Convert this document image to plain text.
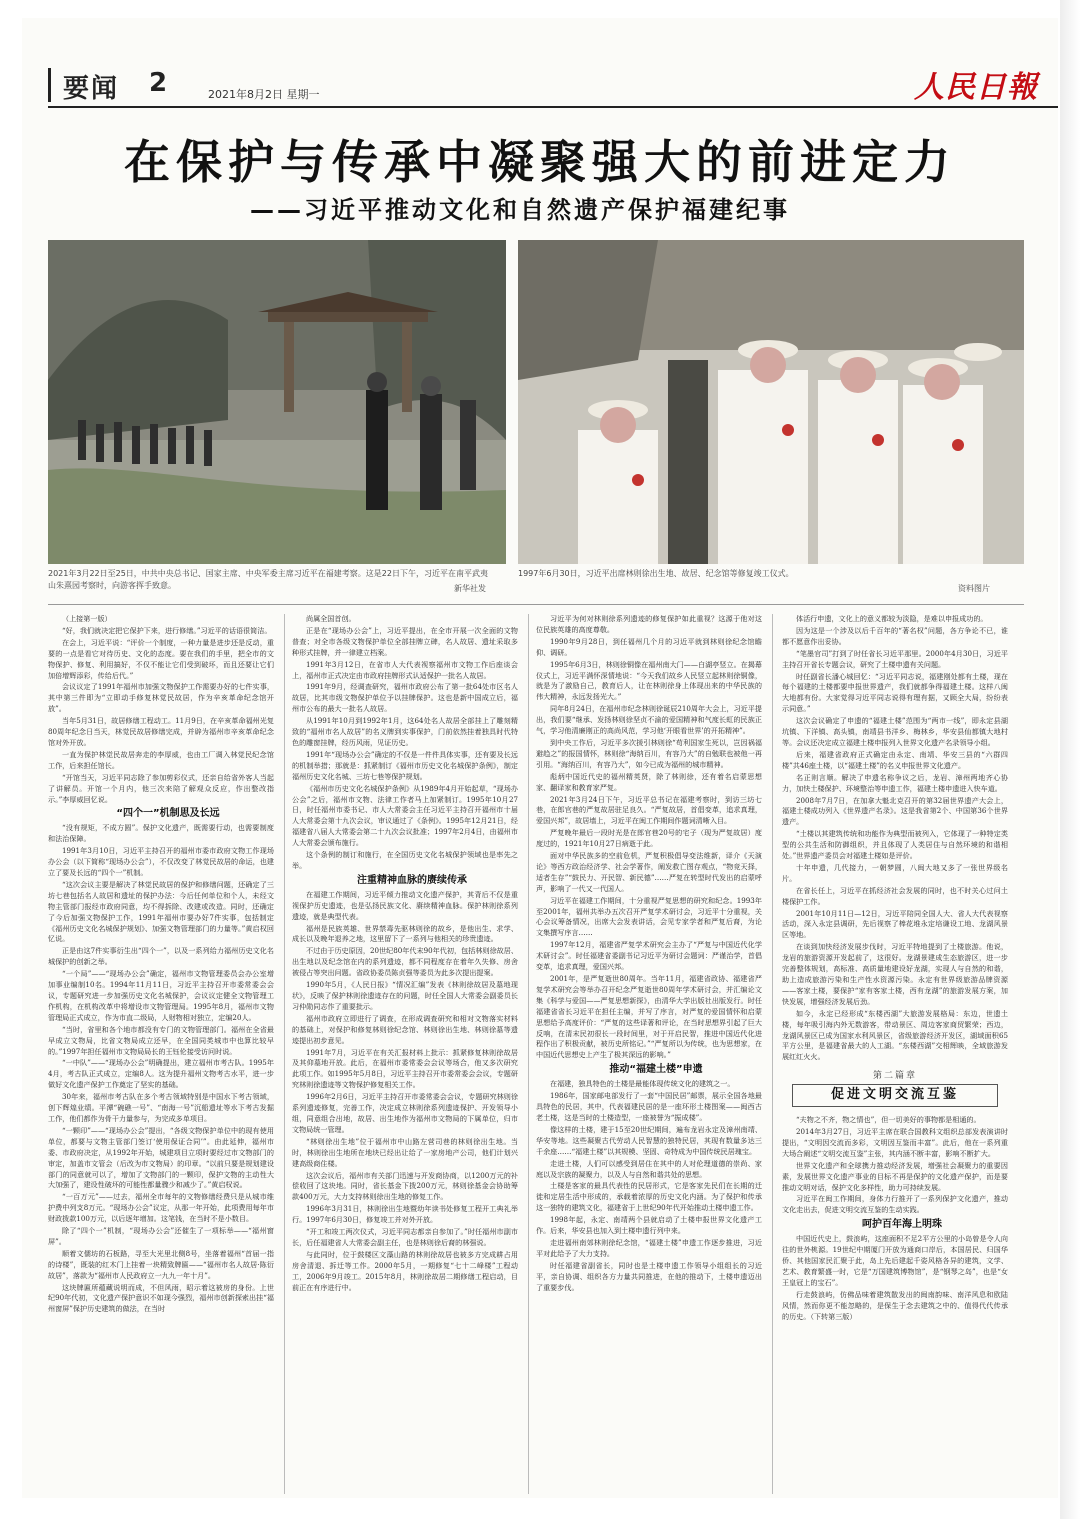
要闻 2	2021年8月2日 星期一	人民日報
在保护与传承中凝聚强大的前进定力
——习近平推动文化和自然遗产保护福建纪事
2021年3月22日至25日，中共中央总书记、国家主席、中央军委主席习近平在福建考察。这是22日下午，习近平在南平武夷山朱熹园考察时，向游客挥手致意。	新华社发
1997年6月30日，习近平出席林则徐出生地、故居、纪念馆等修复竣工仪式。
资料图片

（上接第一版）

“好，我们就决定把它保护下来，进行修缮。”习近平的话语很简洁。

在会上，习近平说：“评价一个制度，一种力量是进步还是反动，重要的一点是看它对待历史、文化的态度。要在我们的手里，把全市的文物保护、修复、利用搞好，不仅不能让它们受到破坏，而且还要让它们加倍增辉添彩，传给后代。”

会议议定了1991年福州市加强文物保护工作需要办好的七件实事，其中第三件即为“立即动手修复林觉民故居，作为辛亥革命纪念馆开放”。

当年5月31日，故居修缮工程动工。11月9日，在辛亥革命福州光复80周年纪念日当天，林觉民故居修缮完成，并辟为福州市辛亥革命纪念馆对外开放。

一直为保护林觉民故居奔走的李厚威，也由工厂调入林觉民纪念馆工作，后来担任馆长。

“开馆当天，习近平同志除了参加剪彩仪式，还亲自给省外客人当起了讲解员。开馆一个月内，他三次来陪了解观众反应，作出整改指示。”李厚威回忆说。

“四个一”机制思及长远

“没有规矩，不成方圆”。保护文化遗产，既需要行动，也需要制度和法治保障。

1991年3月10日，习近平主持召开的福州市委市政府文物工作现场办公会（以下简称“现场办公会”），不仅改变了林觉民故居的命运，也建立了要及长远的“四个一”机制。

“这次会议主要是解决了林觉民故居的保护和修缮问题，还确定了三坊七巷包括名人故居和遗址的保护办法：今后任何单位和个人，未经文物主管部门报经市政府同意，均不得拆除、改建或改造。同时，还确定了今后加强文物保护工作，1991年福州市要办好7件实事，包括制定《福州历史文化名城保护规划》、加强文物管理部门的力量等。”黄启权回忆说。

正是由这7件实事衍生出“四个一”，以及一系列给力福州历史文化名城保护的创新之举。

“一个局”——“现场办公会”确定，福州市文物管理委员会办公室增加事业编制10名。1994年11月11日，习近平主持召开市委常委会会议，专题研究进一步加强历史文化名城保护，会议议定健全文物管理工作机构，在机构改革中将增设市文物管理局。1995年8月，福州市文物管理局正式成立，作为市直二级局，人财物相对独立，定编20人。

“当时，省里和各个地市都没有专门的文物管理部门。福州在全省最早成立文物局，比省文物局成立还早，在全国同类城市中也算比较早的。”1997年担任福州市文物局局长的王钰伦接受访问时说。

“一中队”——“现场办公会”明确提出，建立福州市考古队。1995年4月，考古队正式成立，定编8人。这为提升福州文物考古水平，进一步做好文化遗产保护工作奠定了坚实的基础。

30年来，福州市考古队在多个考古领域特别是中国水下考古领域，创下辉煌业绩。平潭“碗礁一号”、“南海一号”沉船遗址等水下考古发掘工作，他们都作为骨干力量参与，为完成多单项目。

“一颗印”——“现场办公会”提出，“各级文物保护单位中的现有使用单位，都要与文物主管部门签订‘使用保证合同’”。由此延伸，福州市委、市政府决定，从1992年开始，城建项目立项时要经过市文物部门的审定，加盖市文管会（后改为市文物局）的印章。“以前只要是规划建设部门的同意就可以了，增加了文物部门的一颗印，保护文物的主动性大大加强了，建设性破坏的可能性都量骤少和减少了。”黄启权说。

“一百万元”——过去，福州全市每年的文物修缮经费只是从城市维护费中列支8万元。“现场办公会”议定，从那一年开始，此项费用每年市财政拨款100万元，以后逐年增加。这笔钱，在当时不是小数目。

除了“四个一”机制，“现场办公会”还催生了一项标举——“福州窗屏”。

顺着文儒坊的石板路，寻至大光里北侧8号，坐落着福州“首届一指的诗楼”，既装的红木门上挂着一块精致牌匾——“福州市名人故居·陈衍故居”，落款为“福州市人民政府立一九九一年十月”。

这块牌匾所蕴藏说明而成，不但风雨，昭示着这被房的身份。上世纪90年代初，文化遗产保护意识不如现今强烈，福州市创新探索出挂“福州窗屏”保护历史建筑的做法，在当时

尚属全国首创。

正是在“现场办公会”上，习近平提出，在全市开展一次全面的文物普查；对全市各级文物保护单位全部挂牌立碑，名人故居、遗址采取多种形式挂牌，并一律建立档案。

1991年3月12日，在省市人大代表视察福州市文物工作后座谈会上，福州市正式决定由市政府挂牌形式认适保护一批名人故居。

1991年9月，经调查研究，福州市政府公布了第一批64处市区名人故居，比其市级文物保护单位予以挂牌保护。这也是新中国成立后，福州市公布的最大一批名人故居。

从1991年10月到1992年1月，这64处名人故居全部挂上了雕刻精致的“福州市名人故居”的名义牌到实事保护，门前依然挂着独具时代特色的雕窗挂牌，经历风雨，见证历史。

1991年“现场办公会”确定的不仅是一件件具体实事，还有要及长远的机制举措；那就是：抓紧制订《福州市历史文化名城保护条例》，制定福州历史文化名城、三坊七巷等保护规划。

《福州市历史文化名城保护条例》从1989年4月开始起草，“现场办公会”之后，福州市文物、法律工作者马上加紧制订。1995年10月27日，时任福州市委书记、市人大常委会主任习近平主持召开福州市十届人大常委会第十九次会议，审议通过了《条例》。1995年12月21日，经福建省八届人大常委会第二十九次会议批准；1997年2月4日，由福州市人大常委会颁布施行。

这个条例的制订和施行，在全国历史文化名城保护领域也是率先之举。

注重精神血脉的赓续传承

在福建工作期间，习近平倾力推动文化遗产保护，其背后不仅是重视保护历史遗迹，也是弘扬民族文化、赓续精神血脉。保护林则徐系列遗迹，就是典型代表。

福州是民族英雄、世界禁毒先驱林则徐的故乡，是他出生、求学、成长以及晚年退养之地，这里留下了一系列与他相关的珍贵遗迹。

不过由于历史原因，20世纪80年代末90年代初，包括林则徐故居、出生地以及纪念馆在内的系列遗迹，都不同程度存在着年久失修、房舍被侵占等突出问题。省政协委员陈贞强等委员为此多次提出提案。

1990年5月，《人民日报》“情况汇编”发表《林则徐故居及墓地现状》，反映了保护林则徐遗迹存在的问题，时任全国人大常委会副委员长习仲勋同志作了重要批示。

福州市政府立即进行了调查，在形成调查研究和相对文物落实材料的基础上，对保护和修复林则徐纪念馆、林则徐出生地、林则徐墓等遗迹提出初步意见。

1991年7月，习近平在有关汇报材料上批示：抓紧修复林则徐故居及其仰墓地开放。此后，在福州市委常委会会议等场合，他又多次研究此项工作。如1995年5月8日，习近平主持召开市委常委会会议，专题研究林则徐遗迹等文物保护修复相关工作。

1996年2月6日，习近平主持召开市委常委会会议，专题研究林则徐系列遗迹修复，完善工作，决定成立林则徐系列遗迹保护、开发领导小组，同意组合出地，故居、出生地作为福州市文物局的下属单位，归市文物局统一管理。

“林则徐出生地”位于福州市中山路左营司巷的林则徐出生地。当时，林则徐出生地所在地块已经出让给了一家房地产公司，他们计划兴建高级商住楼。

这次会议后，福州市有关部门迅速与开发商协商，以1200万元的补偿收回了这块地。同时，省长基金下拨200万元，林则徐基金会协助筹款400万元，大力支持林则徐出生地的修复工作。

1996年3月31日，林则徐出生地暨幼年读书处修复工程开工典礼举行。1997年6月30日，修复竣工并对外开放。

“开工和竣工两次仪式，习近平同志都亲自参加了。”时任福州市副市长，后任福建省人大常委会副主任，也是林则徐后裔的林强说。

与此同时，位于鼓楼区文藻山路的林则徐故居也被多方完成耕占用房舍清退、拆迁等工作。2000年5月，一期修复“七十二峰楼”工程动工，2006年9月竣工。2015年8月，林则徐故居二期修缮工程启动，目前正在有序进行中。

习近平为何对林则徐系列遗迹的修复保护如此重视？这源于他对这位民族英雄的高度尊敬。

1990年9月28日，到任福州几个月的习近平就到林则徐纪念馆瞻仰、调研。

1995年6月3日，林则徐铜像在福州南大门——白湖亭竖立。在揭幕仪式上，习近平满怀深情地说：“今天我们故乡人民竖立起林则徐铜像，就是为了激励自己，教育后人，让在林则徐身上体现出来的中华民族的伟大精神，永远发扬光大。”

同年8月24日，在福州市纪念林则徐诞辰210周年大会上，习近平提出，我们要“继承、发扬林则徐坚贞不渝的爱国精神和气度长虹的民族正气，学习他清廉刚正的高尚风范，学习他‘开眼看世界’的开拓精神”。

到中央工作后，习近平多次援引林则徐“苟利国家生死以，岂因祸福避趋之”的报国情怀，林则徐“海纳百川，有容乃大”的自勉联也被他一再引用。“海纳百川，有容乃大”，如今已成为福州的城市精神。

彪炳中国近代史的福州精英贤，除了林则徐，还有着名启蒙思想家、翻译家和教育家严复。

2021年3月24日下午，习近平总书记在福建考察时，到访三坊七巷，在郎官巷的严复故居驻足良久。“严复故居，首倡变革，追求真理，爱国兴邦”，故居墙上，习近平在闽工作期间作题词清晰入目。

严复晚年最后一段时光是在郎官巷20号的宅子（现为严复故居）度度过的，1921年10月27日病逝于此。

面对中华民族多的空前危机，严复积极倡导变法维新，译介《天演论》等西方政治经济学、社会学著作，阐发救亡图存观点，“物竞天择，适者生存”“鼓民力、开民智、新民德”……严复在转型时代发出的启蒙呼声，影响了一代又一代国人。

习近平在福建工作期间，十分重视严复思想的研究和纪念。1993年至2001年，福州共举办五次召开严复学术研讨会，习近平十分重视，关心会议筹备情况，出席大会发表讲话，会见专家学者和严复后裔，为论文集撰写序言……

1997年12月，福建省严复学术研究会主办了“严复与中国近代化学术研讨会”。时任福建省委副书记习近平为研讨会题词：严谨治学，首倡变革，追求真理，爱国兴邦。

2001年，是严复逝世80周年。当年11月，福建省政协、福建省严复学术研究会等举办召开纪念严复逝世80周年学术研讨会，并汇编论文集《科学与爱国——严复思想新探》，由清华大学出版社出版发行。时任福建省省长习近平在担任主编，并写了序言，对严复的爱国情怀和启蒙思想给予高度评价：“严复的这些译著和评论，在当时思想界引起了巨大反响，在清末民初很长一段时间里，对于开启民智，推进中国近代化进程作出了积极贡献，被历史所铭记。”“严复所以为传统，也为思想家，在中国近代思想史上产生了极其深远的影响。”

推动“福建土楼”申遗

在福建，独具特色的土楼是最能体现传统文化的建筑之一。

1986年，国家邮电部发行了一套“中国民居”邮票，展示全国各地最具特色的民居，其中，代表福建民居的是一座环形土楼图案——闽西古老土楼，这是当时的土楼造型，一座被誉为“振成楼”。

像这样的土楼，建于15至20世纪期间，遍布龙岩永定及漳州南靖、华安等地。这些凝聚古代劳动人民智慧的独特民居，其现有数量多达三千余座……“福建土楼”以其规模、坚固、奇特成为中国传统民居瑰宝。

走进土楼，人们可以感受到居住在其中的人对伦理道德的崇尚、家庭以及宗族的凝聚力，以及人与自然和谐共处的思想。

土楼是客家的最具代表性的民居形式，它是客家先民们在长期的迁徙和定居生活中形成的，承载着浓厚的历史文化内涵。为了保护和传承这一独特的建筑文化，福建省于上世纪90年代开始推动土楼申遗工作。

1998年起，永定、南靖两个县就启动了土楼申报世界文化遗产工作。后来，华安县也加入到土楼申遗行列中来。

走进福州南郊林则徐纪念馆，“福建土楼”申遗工作逐步推进，习近平对此给予了大力支持。

时任福建省副省长，同时也是土楼申遗工作领导小组组长的习近平，亲自协调、组织各方力量共同推进，在他的推动下，土楼申遗迈出了重要步伐。

体活行申遗，文化上的意义都较为淡隐，是难以申报成功的。

因为这是一个涉及以后千百年的“著名权”问题，各方争论不已，谁都不愿意作出妥协。

“笔墨官司”打到了时任省长习近平那里。2000年4月30日，习近平主持召开省长专题会议，研究了土楼申遗有关问题。

时任副省长潘心城回忆：“习近平同志说，福建刚处都有土楼，现在每个福建的土楼都要申报世界遗产，我们就都争得福建土楼。这样八闽大地都有份。大家觉得习近平同志说得有理有据，又顾全大局，纷纷表示同意。”

这次会议确定了申遗的“福建土楼”范围为“两市一线”，即永定县湖坑镇、下洋镇、高头镇，南靖县书洋乡、梅林乡，华安县仙都镇大地村等。会议还决定成立福建土楼申报列入世界文化遗产名录领导小组。

后来，福建省政府正式确定由永定、南靖、华安三县的“六群四楼”共46座土楼，以“福建土楼”的名义申报世界文化遗产。

名正则言顺。解决了申遗名称争议之后，龙岩、漳州两地齐心协力，加快土楼保护、环境整治等申遗工作，福建土楼申遗进入快车道。

2008年7月7日，在加拿大魁北克召开的第32届世界遗产大会上，福建土楼成功列入《世界遗产名录》。这是我省第2个、中国第36个世界遗产。

“土楼以其建筑传统和功能作为典型而被列入，它体现了一种特定类型的公共生活和防御组织，并且体现了人类居住与自然环境的和谐相处。”世界遗产委员会对福建土楼如是评价。

十年申遗，几代接力，一朝梦圆，八闽大地又多了一张世界级名片。

在省长任上，习近平在抓经济社会发展的同时，也不时关心过问土楼保护工作。

2001年10月11日—12日，习近平陪同全国人大、省人大代表视察活动，深入永定县调研，先后视察了棒花堆永定培谦设工地、龙湖风景区等地。

在谈到加快经济发展步伐时，习近平特地提到了土楼旅游。他说，龙岩的旅游资源开发起前了，这很好。龙湖景建成生态旅游区，进一步完善整体规划，高标准、高质量地建设好龙湖，实现人与自然的和谐，助上造成旅游污染和生产性水资源污染。永定有世界级旅游品牌资源——客家土楼，要保护“家有客家土楼，西有龙湖”的旅游发展方案，加快发展，增强经济发展后劲。

如今，永定已经形成“东楼西湖”大旅游发展格局：东边，世遗土楼，每年吸引海内外无数游客，带动景区、周边客家商贸繁荣；西边，龙湖风景区已成为国家水利风景区，省级旅游经济开发区，湖域面积65平方公里，是福建省最大的人工湖。“东楼西湖”交相辉映，全域旅游发展红红火火。

第二篇章
促进文明交流互鉴

“夫物之不齐，物之情也”，但一切美好的事物都是相通的。

2014年3月27日，习近平主席在联合国教科文组织总部发表演讲时提出，“文明因交流而多彩，文明因互鉴而丰富”。此后，他在一系列重大场合阐述“文明交流互鉴”主张，其内涵不断丰富，影响不断扩大。

世界文化遗产和全球携力推动经济发展，增强社会凝聚力的重要因素，发展世界文化遗产事业的目标不再是保护的文化遗产保护，而是要推动文明对话，保护文化多样性，助力可持续发展。

习近平在闽工作期间，身体力行推开了一系列保护文化遗产，推动文化走出去，促进文明交流互鉴的生动实践。

呵护百年海上明珠

中国近代史上，鼓浪屿，这座面积不足2平方公里的小岛曾是令人向往的世外桃源。19世纪中期厦门开放为通商口岸后，本国居民、归国华侨、其他国家民汇聚于此，岛上先后建起千姿风格各异的建筑，文学、艺术、教育繁盛一时，它是“万国建筑博物馆”，是“钢琴之岛”，也是“女王皇冠上的宝石”。

行走鼓浪屿，仿佛品味着建筑散发出的闽南韵味、南洋风息和欧陆风情，然而你更不能忽略的，是保生于念去建筑之中的、值得代代传承的历史。（下转第三版）
